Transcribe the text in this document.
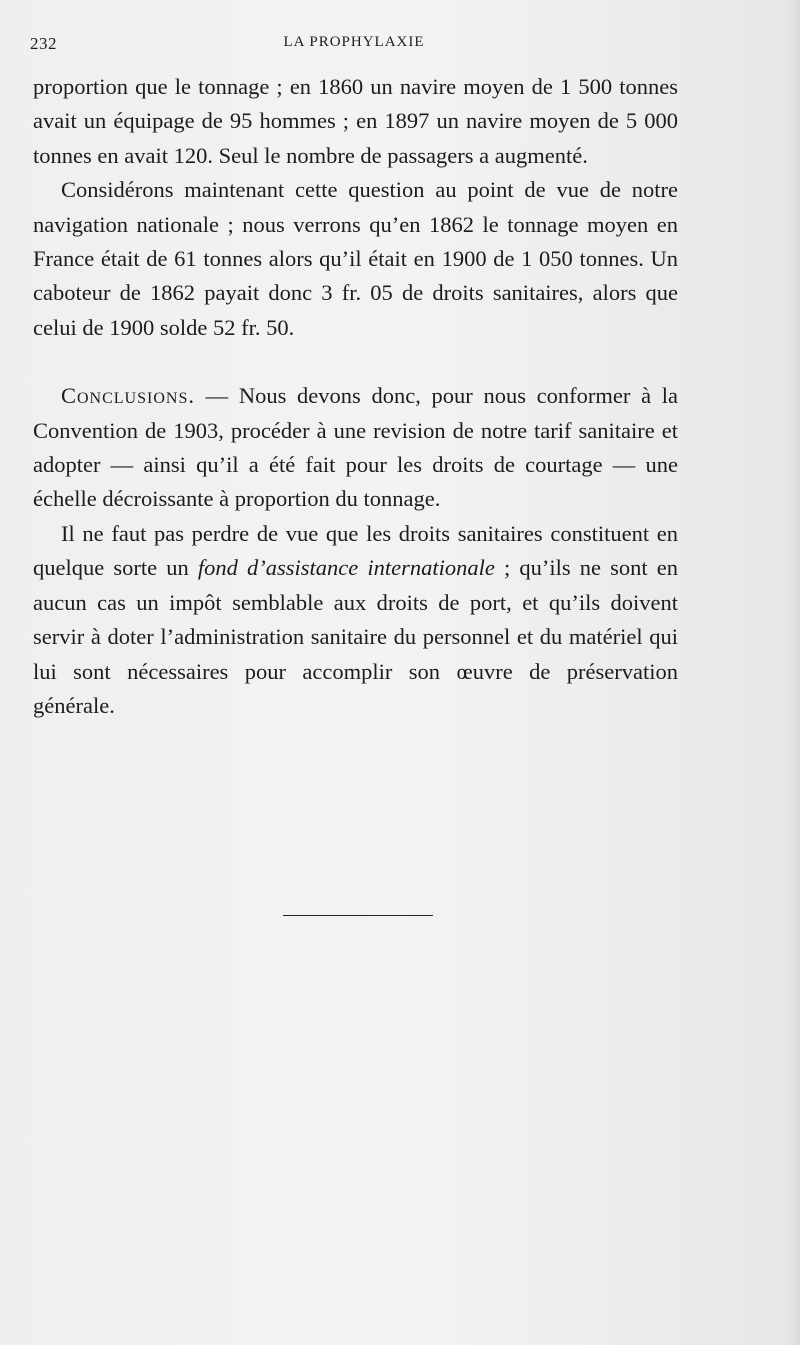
232	LA PROPHYLAXIE

proportion que le tonnage ; en 1860 un navire moyen de 1 500 tonnes avait un équipage de 95 hommes ; en 1897 un navire moyen de 5 000 tonnes en avait 120. Seul le nombre de passagers a augmenté.

Considérons maintenant cette question au point de vue de notre navigation nationale ; nous verrons qu’en 1862 le tonnage moyen en France était de 61 tonnes alors qu’il était en 1900 de 1 050 tonnes. Un caboteur de 1862 payait donc 3 fr. 05 de droits sanitaires, alors que celui de 1900 solde 52 fr. 50.

Conclusions. — Nous devons donc, pour nous conformer à la Convention de 1903, procéder à une revision de notre tarif sanitaire et adopter — ainsi qu’il a été fait pour les droits de courtage — une échelle décroissante à proportion du tonnage.

Il ne faut pas perdre de vue que les droits sanitaires constituent en quelque sorte un fond d’assistance internationale ; qu’ils ne sont en aucun cas un impôt semblable aux droits de port, et qu’ils doivent servir à doter l’administration sanitaire du personnel et du matériel qui lui sont nécessaires pour accomplir son œuvre de préservation générale.
